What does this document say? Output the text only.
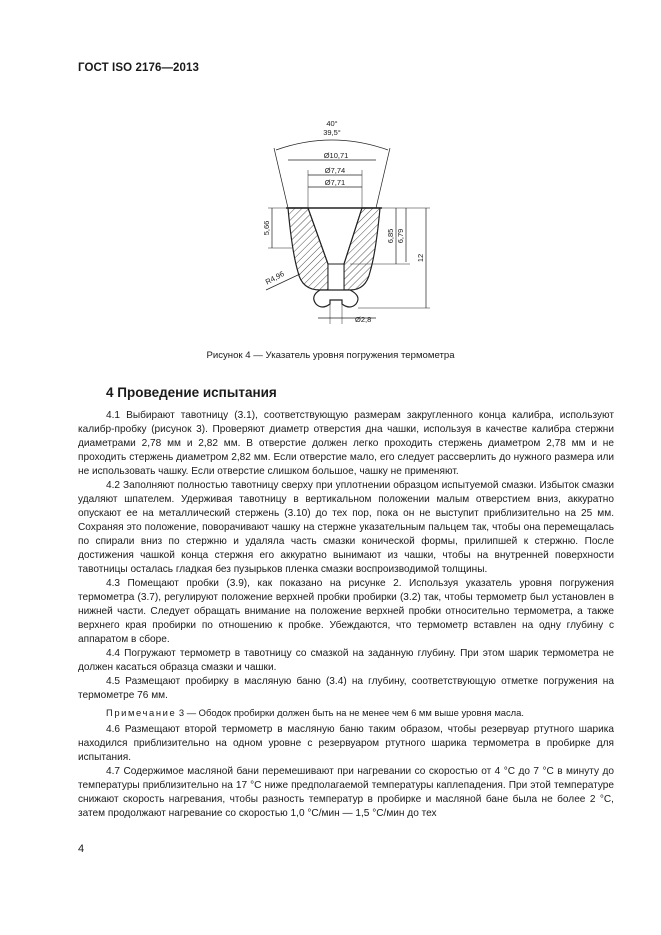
ГОСТ ISO 2176—2013
40°
39,5°
Ø10,71
Ø7,74
Ø7,71
5,66
6,85 6,79
12
R4,96
Ø2,8
Рисунок 4 — Указатель уровня погружения термометра
4 Проведение испытания

4.1 Выбирают тавотницу (3.1), соответствующую размерам закругленного конца калибра, используют калибр-пробку (рисунок 3). Проверяют диаметр отверстия дна чашки, используя в качестве калибра стержни диаметрами 2,78 мм и 2,82 мм. В отверстие должен легко проходить стержень диаметром 2,78 мм и не проходить стержень диаметром 2,82 мм. Если отверстие мало, его следует рассверлить до нужного размера или не использовать чашку. Если отверстие слишком большое, чашку не применяют.

4.2 Заполняют полностью тавотницу сверху при уплотнении образцом испытуемой смазки. Избыток смазки удаляют шпателем. Удерживая тавотницу в вертикальном положении малым отверстием вниз, аккуратно опускают ее на металлический стержень (3.10) до тех пор, пока он не выступит приблизительно на 25 мм. Сохраняя это положение, поворачивают чашку на стержне указательным пальцем так, чтобы она перемещалась по спирали вниз по стержню и удаляла часть смазки конической формы, прилипшей к стержню. После достижения чашкой конца стержня его аккуратно вынимают из чашки, чтобы на внутренней поверхности тавотницы осталась гладкая без пузырьков пленка смазки воспроизводимой толщины.

4.3 Помещают пробки (3.9), как показано на рисунке 2. Используя указатель уровня погружения термометра (3.7), регулируют положение верхней пробки пробирки (3.2) так, чтобы термометр был установлен в нижней части. Следует обращать внимание на положение верхней пробки относительно термометра, а также верхнего края пробирки по отношению к пробке. Убеждаются, что термометр вставлен на одну глубину с аппаратом в сборе.

4.4 Погружают термометр в тавотницу со смазкой на заданную глубину. При этом шарик термометра не должен касаться образца смазки и чашки.

4.5 Размещают пробирку в масляную баню (3.4) на глубину, соответствующую отметке погружения на термометре 76 мм.

Примечание 3 — Ободок пробирки должен быть на не менее чем 6 мм выше уровня масла.

4.6 Размещают второй термометр в масляную баню таким образом, чтобы резервуар ртутного шарика находился приблизительно на одном уровне с резервуаром ртутного шарика термометра в пробирке для испытания.

4.7 Содержимое масляной бани перемешивают при нагревании со скоростью от 4 °С до 7 °С в минуту до температуры приблизительно на 17 °С ниже предполагаемой температуры каплепадения. При этой температуре снижают скорость нагревания, чтобы разность температур в пробирке и масляной бане была не более 2 °С, затем продолжают нагревание со скоростью 1,0 °С/мин — 1,5 °С/мин до тех

4
